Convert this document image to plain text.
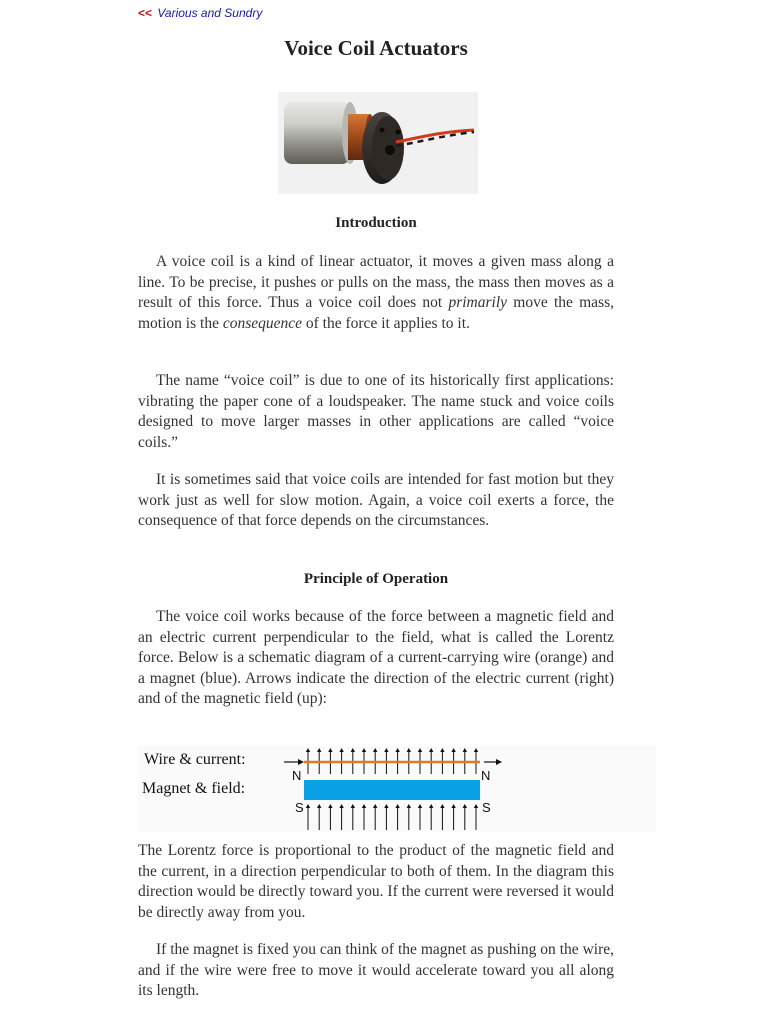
<< Various and Sundry
Voice Coil Actuators
Introduction

A voice coil is a kind of linear actuator, it moves a given mass along a line. To be precise, it pushes or pulls on the mass, the mass then moves as a result of this force. Thus a voice coil does not primarily move the mass, motion is the consequence of the force it applies to it.

The name “voice coil” is due to one of its historically first applications: vibrating the paper cone of a loudspeaker. The name stuck and voice coils designed to move larger masses in other applications are called “voice coils.”

It is sometimes said that voice coils are intended for fast motion but they work just as well for slow motion. Again, a voice coil exerts a force, the consequence of that force depends on the circumstances.

Principle of Operation

The voice coil works because of the force between a magnetic field and an electric current perpendicular to the field, what is called the Lorentz force. Below is a schematic diagram of a current-carrying wire (orange) and a magnet (blue). Arrows indicate the direction of the electric current (right) and of the magnetic field (up):

Wire & current:
Magnet & field:
N	N
S	S

The Lorentz force is proportional to the product of the magnetic field and the current, in a direction perpendicular to both of them. In the diagram this direction would be directly toward you. If the current were reversed it would be directly away from you.

If the magnet is fixed you can think of the magnet as pushing on the wire, and if the wire were free to move it would accelerate toward you all along its length.
